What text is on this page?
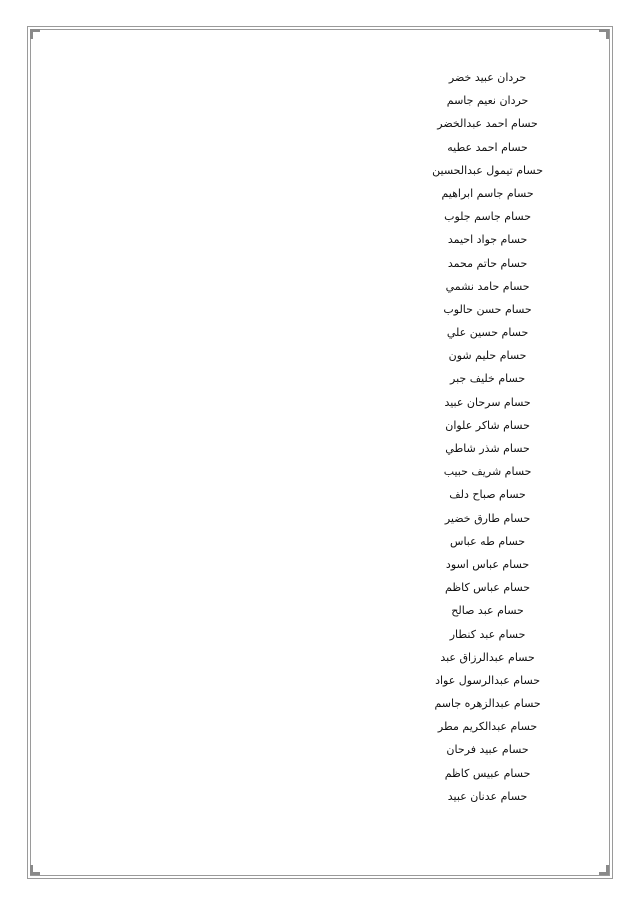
حردان عبيد خضر
حردان نعيم جاسم
حسام احمد عبدالخضر
حسام احمد عطيه
حسام تيمول عبدالحسين
حسام جاسم ابراهيم
حسام جاسم جلوب
حسام جواد احيمد
حسام حاتم محمد
حسام حامد نشمي
حسام حسن حالوب
حسام حسين علي
حسام حليم شون
حسام خليف جبر
حسام سرحان عبيد
حسام شاكر علوان
حسام شذر شاطي
حسام شريف حبيب
حسام صباح دلف
حسام طارق خضير
حسام طه عباس
حسام عباس اسود
حسام عباس كاظم
حسام عبد صالح
حسام عبد كنطار
حسام عبدالرزاق عبد
حسام عبدالرسول عواد
حسام عبدالزهره جاسم
حسام عبدالكريم مطر
حسام عبيد فرحان
حسام عبيس كاظم
حسام عدنان عبيد
